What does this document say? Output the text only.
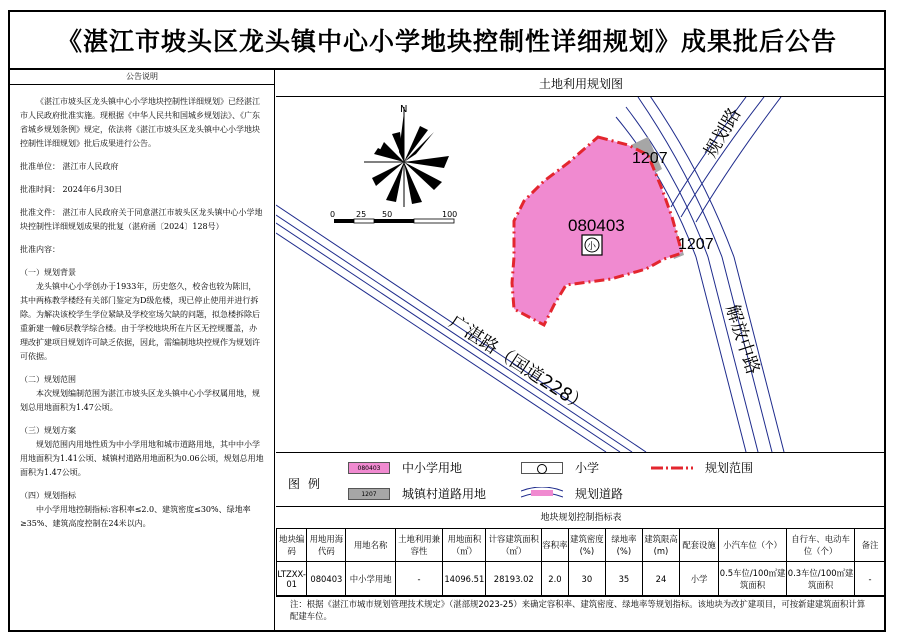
《湛江市坡头区龙头镇中心小学地块控制性详细规划》成果批后公告
公告说明

《湛江市坡头区龙头镇中心小学地块控制性详细规划》已经湛江市人民政府批准实施。现根据《中华人民共和国城乡规划法》、《广东省城乡规划条例》规定，依法将《湛江市坡头区龙头镇中心小学地块控制性详细规划》批后成果进行公告。

批准单位： 湛江市人民政府

批准时间： 2024年6月30日

批准文件： 湛江市人民政府关于同意湛江市坡头区龙头镇中心小学地块控制性详细规划成果的批复（湛府函〔2024〕128号）

批准内容：

（一）规划背景

龙头镇中心小学创办于1933年，历史悠久，校舍也较为陈旧，其中两栋教学楼经有关部门鉴定为D级危楼，现已停止使用并进行拆除。为解决该校学生学位紧缺及学校室场欠缺的问题，拟急楼拆除后重新建一幢6层教学综合楼。由于学校地块所在片区无控规覆盖，办理改扩建项目规划许可缺乏依据，因此，需编制地块控规作为规划许可依据。

（二）规划范围

本次规划编制范围为湛江市坡头区龙头镇中心小学权属用地，规划总用地面积为1.47公顷。

（三）规划方案

规划范围内用地性质为中小学用地和城市道路用地，其中中小学用地面积为1.41公顷、城镇村道路用地面积为0.06公顷，规划总用地面积为1.47公顷。

（四）规划指标

中小学用地控制指标:容积率≤2.0、建筑密度≤30%、绿地率≥35%、建筑高度控制在24米以内。

土地利用规划图
N
0	25 50	100
080403
小
1207
1207
广湛路（国道228）	解放中路
规划路
图例
080403	中小学用地
1207	城镇村道路用地
小学
规划道路
规划范围
地块规划控制指标表
地块编码	用地用海代码	用地名称	土地利用兼容性	用地面积（㎡）	计容建筑面积（㎡）	容积率	建筑密度(%)	绿地率(%)	建筑限高(m)	配套设施	小汽车位（个）	自行车、电动车位（个）	备注
LTZXX-01	080403	中小学用地	-	14096.51	28193.02	2.0	30	35	24	小学	0.5车位/100㎡建筑面积	0.3车位/100㎡建筑面积	-
注：根据《湛江市城市规划管理技术规定》（湛部规2023-25）来确定容积率、建筑密度、绿地率等规划指标。该地块为改扩建项目，可按新建建筑面积计算配建车位。
